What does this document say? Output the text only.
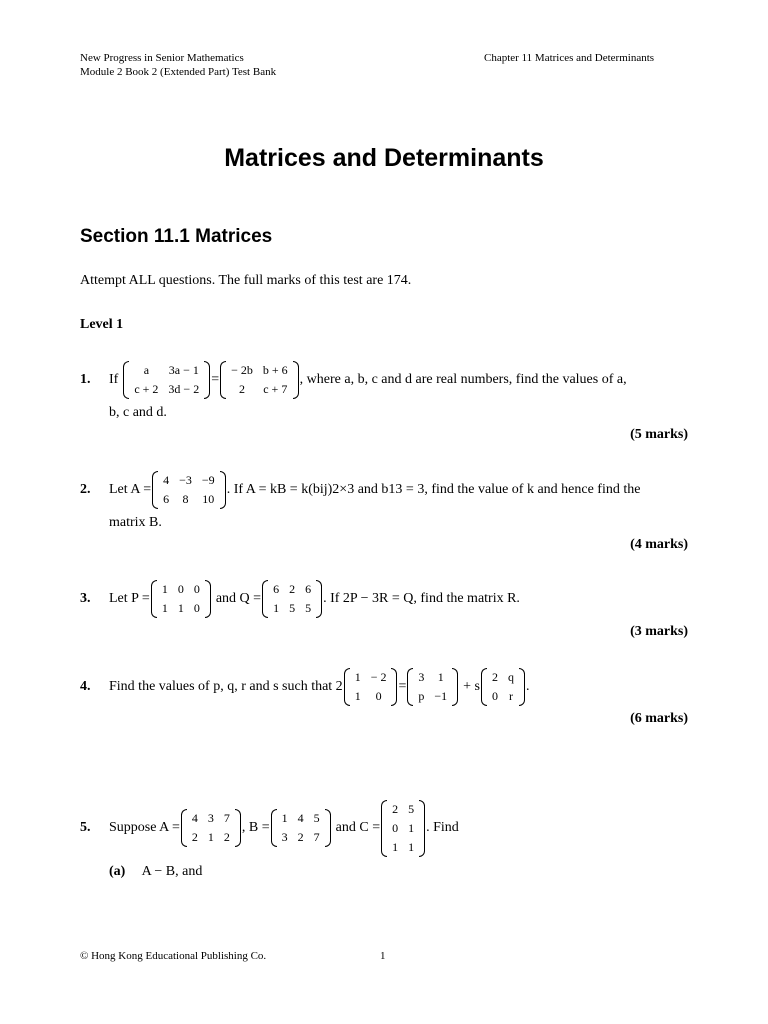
New Progress in Senior Mathematics
Module 2 Book 2 (Extended Part) Test Bank
Chapter 11 Matrices and Determinants
Matrices and Determinants
Section 11.1 Matrices
Attempt ALL questions. The full marks of this test are 174.
Level 1
1.	If
a	3a − 1
c + 2	3d − 2
=
− 2b	b + 6
2	c + 7
, where a, b, c and d are real numbers, find the values of a,
b, c and d.
(5 marks)
2.	Let A =
4	−3	−9
6	8	10
. If A = kB = k(bij)2×3 and b13 = 3, find the value of k and hence find the
matrix B.
(4 marks)
3.	Let P =
1	0	0
1	1	0
and Q =
6	2	6
1	5	5
. If 2P − 3R = Q, find the matrix R.
(3 marks)
4.	Find the values of p, q, r and s such that 2
1	− 2
1	0
=
3	1
p	−1
+ s
2	q
0	r
.
(6 marks)
5.	Suppose A =
4	3	7
2	1	2
, B =
1	4	5
3	2	7
and C =
2	5
0	1
1	1
. Find
(a) A − B, and
© Hong Kong Educational Publishing Co.	1
